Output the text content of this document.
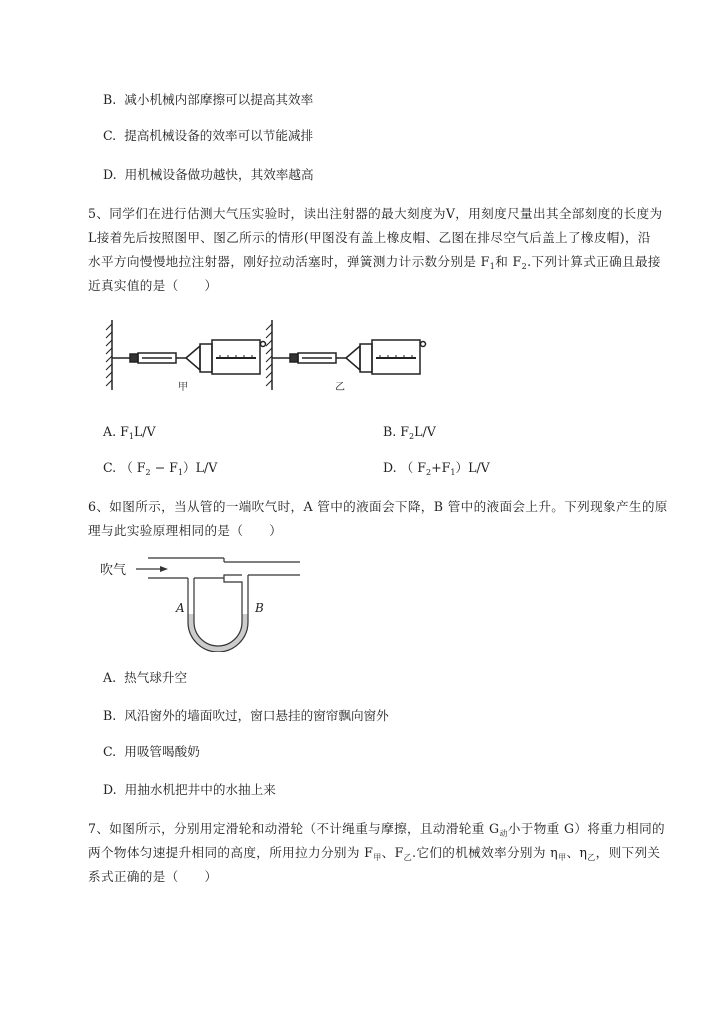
B. 减小机械内部摩擦可以提高其效率
C. 提高机械设备的效率可以节能减排
D. 用机械设备做功越快，其效率越高
5、同学们在进行估测大气压实验时，读出注射器的最大刻度为V，用刻度尺量出其全部刻度的长度为
L接着先后按照图甲、图乙所示的情形(甲图没有盖上橡皮帽、乙图在排尽空气后盖上了橡皮帽)，沿
水平方向慢慢地拉注射器，刚好拉动活塞时，弹簧测力计示数分别是 $F_1$和 $F_2$.下列计算式正确且最接
近真实值的是（　　）
甲	乙
A. $F_1L/V$	B. $F_2L/V$
C. （ $F_2 - F_1)L/V$	D. （ $F_2+F_1)L/V$
6、如图所示，当从管的一端吹气时，A 管中的液面会下降，B 管中的液面会上升。下列现象产生的原
理与此实验原理相同的是（　　）
吹气
A	B
A. 热气球升空
B. 风沿窗外的墙面吹过，窗口悬挂的窗帘飘向窗外
C. 用吸管喝酸奶
D. 用抽水机把井中的水抽上来
7、如图所示，分别用定滑轮和动滑轮（不计绳重与摩擦，且动滑轮重 $G_动$小于物重 G）将重力相同的
两个物体匀速提升相同的高度，所用拉力分别为 $F_甲$、$F_乙$.它们的机械效率分别为 $\eta_甲$、$\eta_乙$，则下列关
系式正确的是（　　）
